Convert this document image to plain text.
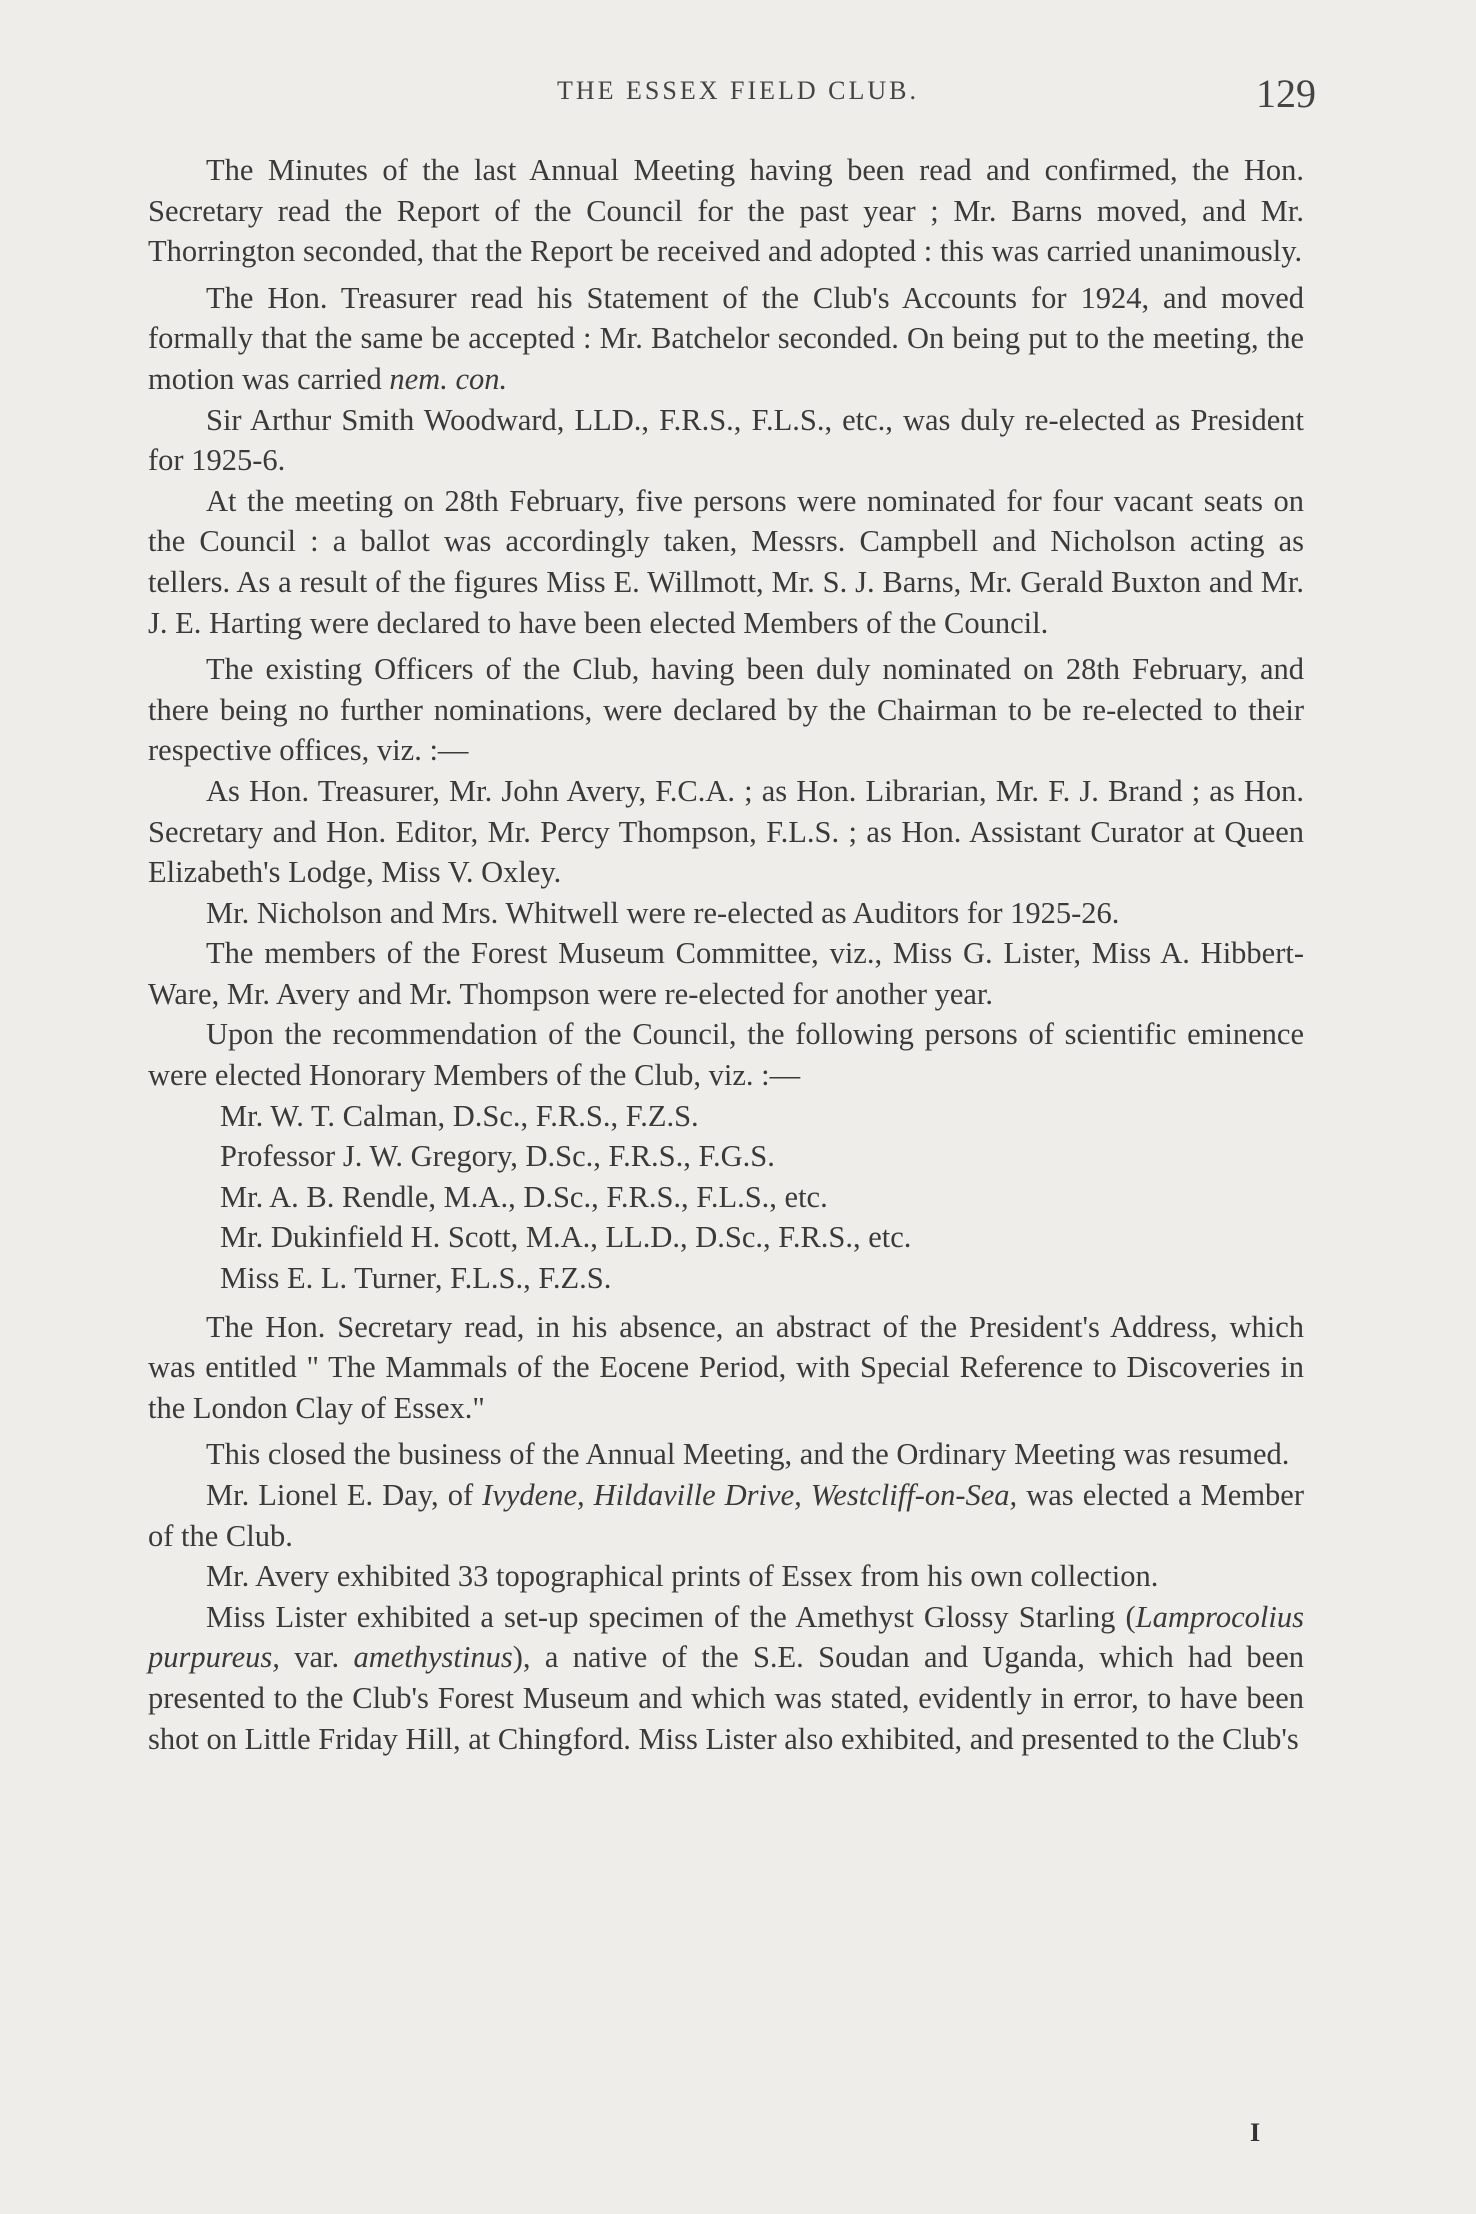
THE ESSEX FIELD CLUB.	129

The Minutes of the last Annual Meeting having been read and confirmed, the Hon. Secretary read the Report of the Council for the past year ; Mr. Barns moved, and Mr. Thorrington seconded, that the Report be received and adopted : this was carried unanimously.

The Hon. Treasurer read his Statement of the Club's Accounts for 1924, and moved formally that the same be accepted : Mr. Batchelor seconded. On being put to the meeting, the motion was carried nem. con.

Sir Arthur Smith Woodward, LLD., F.R.S., F.L.S., etc., was duly re-elected as President for 1925-6.

At the meeting on 28th February, five persons were nominated for four vacant seats on the Council : a ballot was accordingly taken, Messrs. Campbell and Nicholson acting as tellers. As a result of the figures Miss E. Willmott, Mr. S. J. Barns, Mr. Gerald Buxton and Mr. J. E. Harting were declared to have been elected Members of the Council.

The existing Officers of the Club, having been duly nominated on 28th February, and there being no further nominations, were declared by the Chairman to be re-elected to their respective offices, viz. :—

As Hon. Treasurer, Mr. John Avery, F.C.A. ; as Hon. Librarian, Mr. F. J. Brand ; as Hon. Secretary and Hon. Editor, Mr. Percy Thompson, F.L.S. ; as Hon. Assistant Curator at Queen Elizabeth's Lodge, Miss V. Oxley.

Mr. Nicholson and Mrs. Whitwell were re-elected as Auditors for 1925-26.

The members of the Forest Museum Committee, viz., Miss G. Lister, Miss A. Hibbert-Ware, Mr. Avery and Mr. Thompson were re-elected for another year.

Upon the recommendation of the Council, the following persons of scientific eminence were elected Honorary Members of the Club, viz. :—

Mr. W. T. Calman, D.Sc., F.R.S., F.Z.S.
Professor J. W. Gregory, D.Sc., F.R.S., F.G.S.
Mr. A. B. Rendle, M.A., D.Sc., F.R.S., F.L.S., etc.
Mr. Dukinfield H. Scott, M.A., LL.D., D.Sc., F.R.S., etc.
Miss E. L. Turner, F.L.S., F.Z.S.

The Hon. Secretary read, in his absence, an abstract of the President's Address, which was entitled " The Mammals of the Eocene Period, with Special Reference to Discoveries in the London Clay of Essex."

This closed the business of the Annual Meeting, and the Ordinary Meeting was resumed.

Mr. Lionel E. Day, of Ivydene, Hildaville Drive, Westcliff-on-Sea, was elected a Member of the Club.

Mr. Avery exhibited 33 topographical prints of Essex from his own collection.

Miss Lister exhibited a set-up specimen of the Amethyst Glossy Starling (Lamprocolius purpureus, var. amethystinus), a native of the S.E. Soudan and Uganda, which had been presented to the Club's Forest Museum and which was stated, evidently in error, to have been shot on Little Friday Hill, at Chingford. Miss Lister also exhibited, and presented to the Club's

I
